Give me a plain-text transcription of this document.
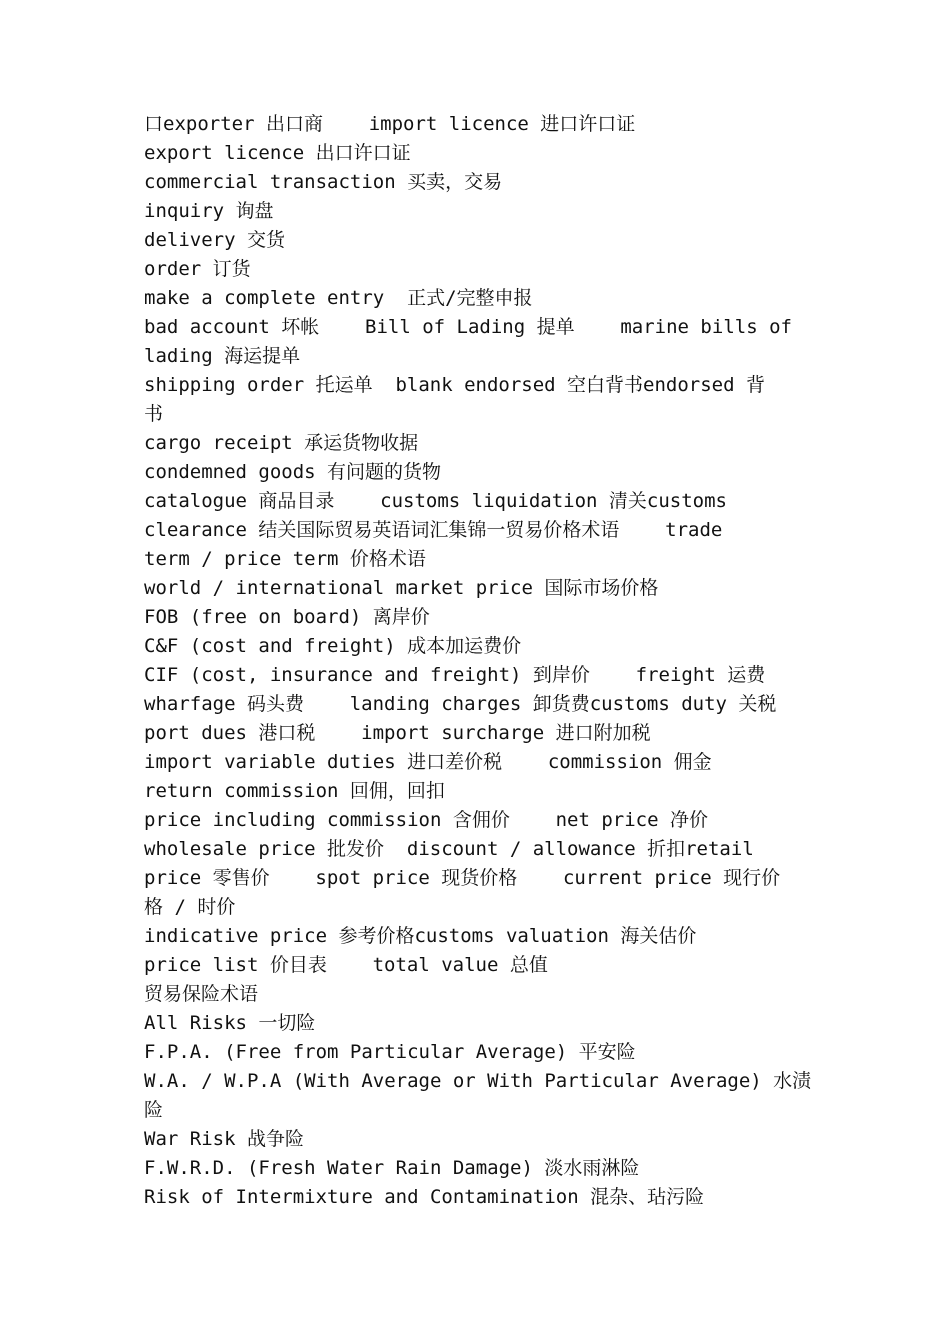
口exporter 出口商    import licence 进口许口证
export licence 出口许口证
commercial transaction 买卖，交易
inquiry 询盘
delivery 交货
order 订货
make a complete entry  正式/完整申报
bad account 坏帐    Bill of Lading 提单    marine bills of
lading 海运提单
shipping order 托运单  blank endorsed 空白背书endorsed 背
书
cargo receipt 承运货物收据
condemned goods 有问题的货物
catalogue 商品目录    customs liquidation 清关customs
clearance 结关国际贸易英语词汇集锦一贸易价格术语    trade
term / price term 价格术语
world / international market price 国际市场价格
FOB (free on board) 离岸价
C&F (cost and freight) 成本加运费价
CIF (cost, insurance and freight) 到岸价    freight 运费
wharfage 码头费    landing charges 卸货费customs duty 关税
port dues 港口税    import surcharge 进口附加税
import variable duties 进口差价税    commission 佣金
return commission 回佣，回扣
price including commission 含佣价    net price 净价
wholesale price 批发价  discount / allowance 折扣retail
price 零售价    spot price 现货价格    current price 现行价
格 / 时价
indicative price 参考价格customs valuation 海关估价
price list 价目表    total value 总值
贸易保险术语
All Risks 一切险
F.P.A. (Free from Particular Average) 平安险
W.A. / W.P.A (With Average or With Particular Average) 水渍
险
War Risk 战争险
F.W.R.D. (Fresh Water Rain Damage) 淡水雨淋险
Risk of Intermixture and Contamination 混杂、玷污险
